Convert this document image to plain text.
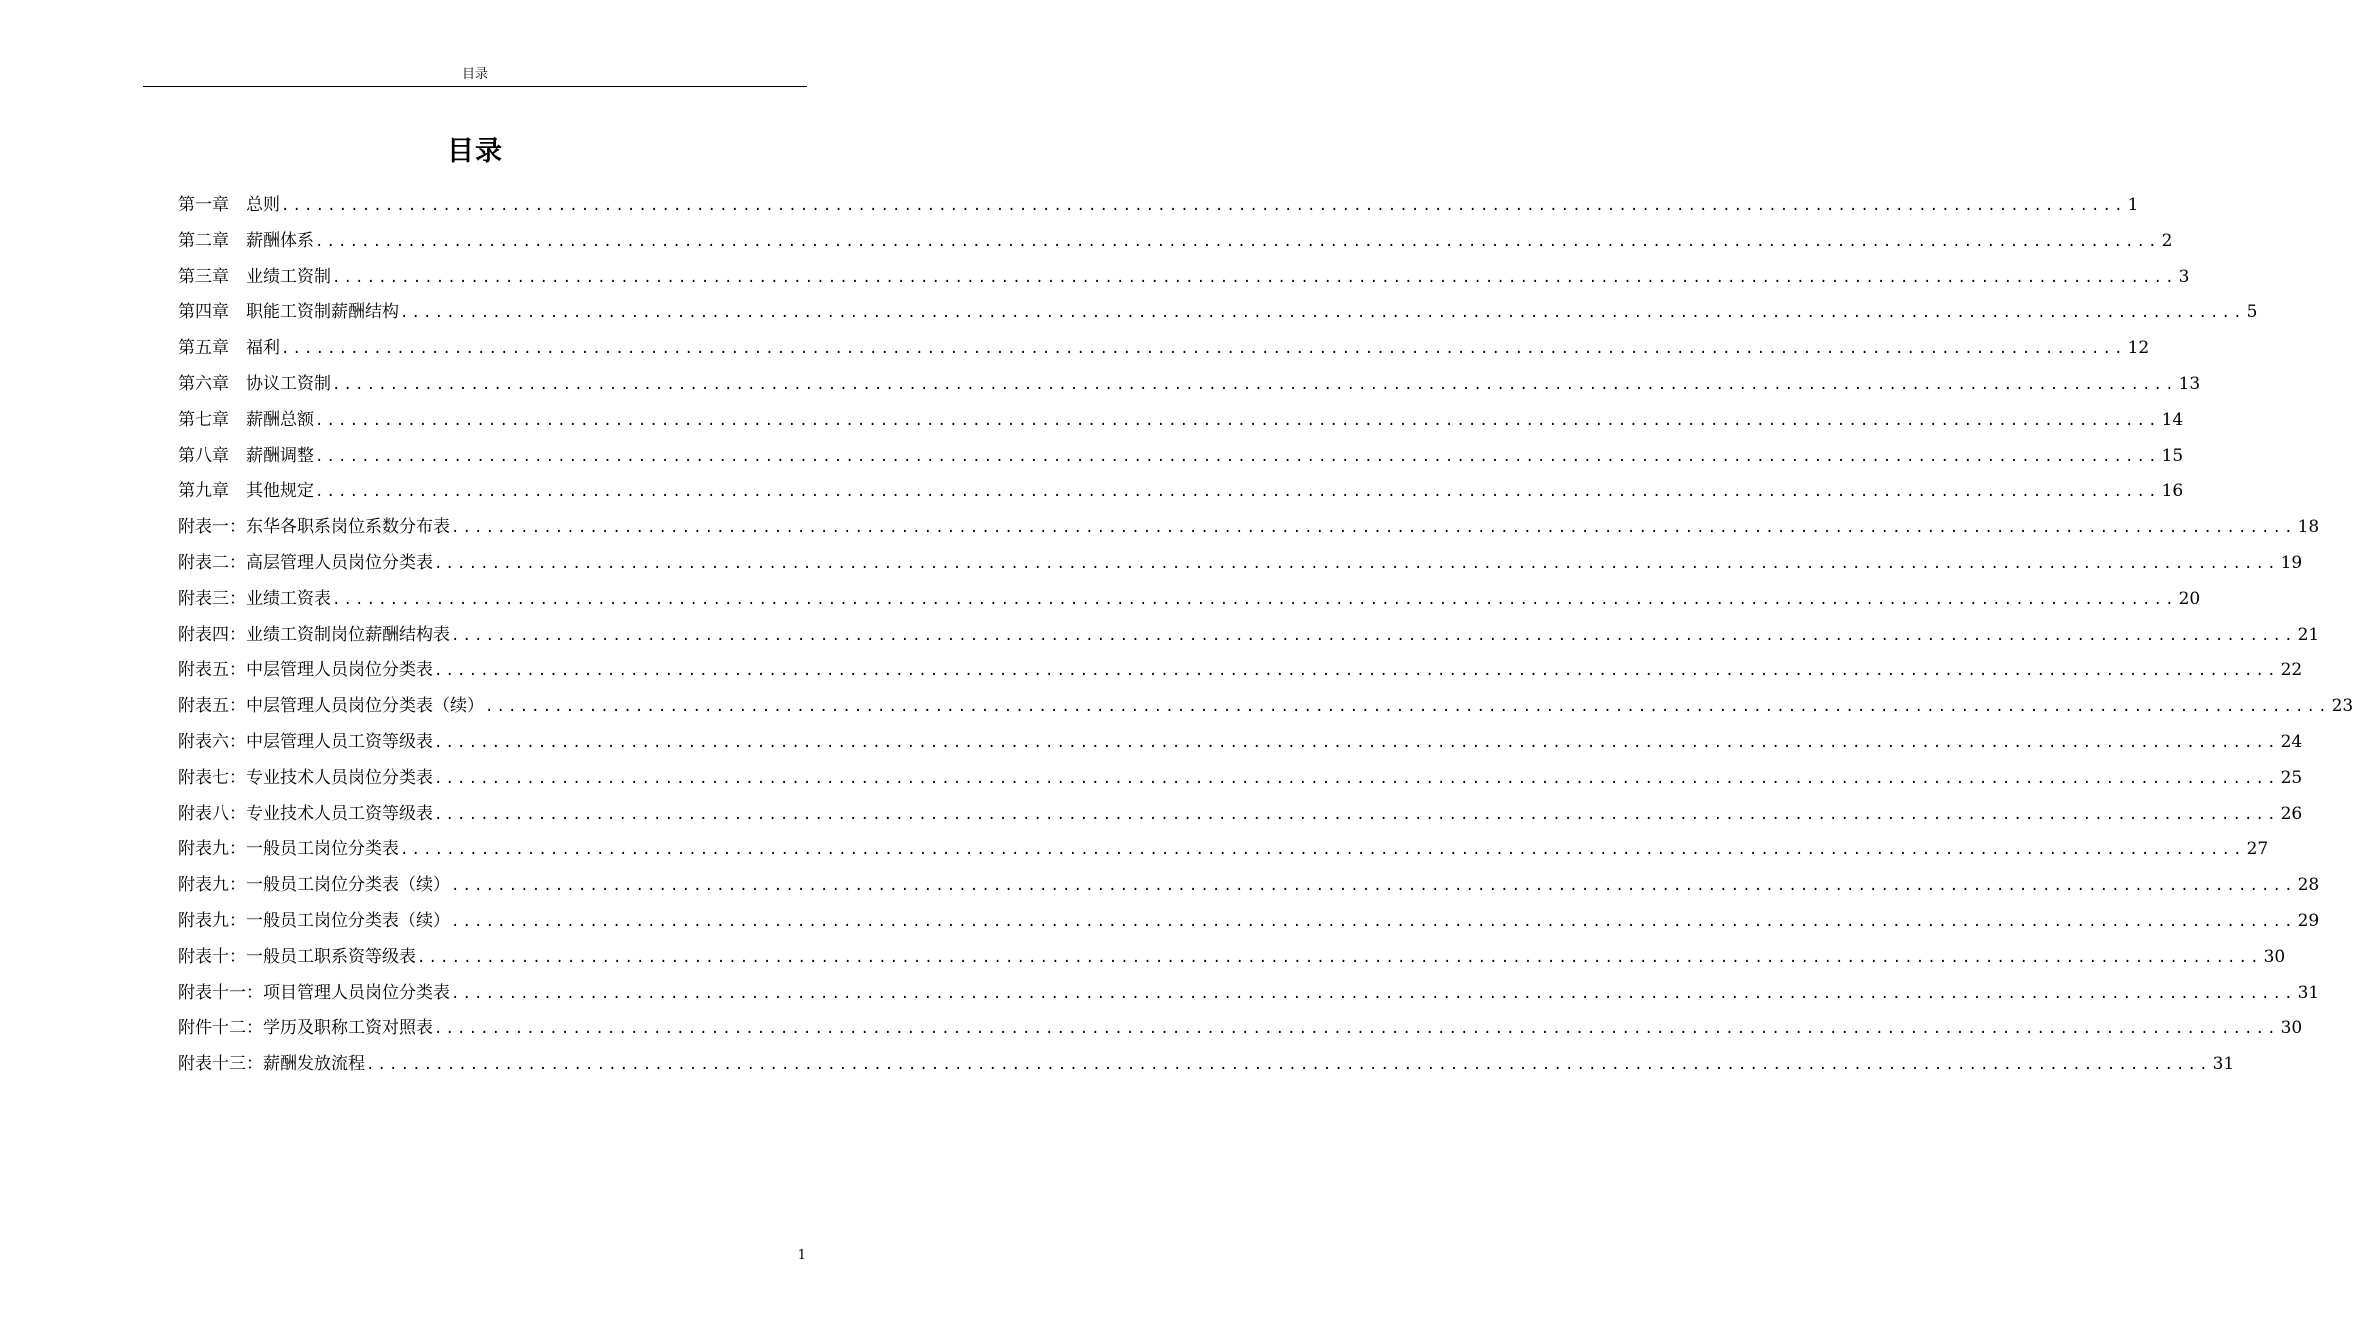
目录
目录
第一章　总则 ................................................................................................................................................................ 1
第二章　薪酬体系 ................................................................................................................................................................ 2
第三章　业绩工资制 ................................................................................................................................................................ 3
第四章　职能工资制薪酬结构 ................................................................................................................................................................ 5
第五章　福利 ................................................................................................................................................................ 12
第六章　协议工资制 ................................................................................................................................................................ 13
第七章　薪酬总额 ................................................................................................................................................................ 14
第八章　薪酬调整 ................................................................................................................................................................ 15
第九章　其他规定 ................................................................................................................................................................ 16
附表一：东华各职系岗位系数分布表 ................................................................................................................................................................ 18
附表二：高层管理人员岗位分类表 ................................................................................................................................................................ 19
附表三：业绩工资表 ................................................................................................................................................................ 20
附表四：业绩工资制岗位薪酬结构表 ................................................................................................................................................................ 21
附表五：中层管理人员岗位分类表 ................................................................................................................................................................ 22
附表五：中层管理人员岗位分类表（续） ................................................................................................................................................................ 23
附表六：中层管理人员工资等级表 ................................................................................................................................................................ 24
附表七：专业技术人员岗位分类表 ................................................................................................................................................................ 25
附表八：专业技术人员工资等级表 ................................................................................................................................................................ 26
附表九：一般员工岗位分类表 ................................................................................................................................................................ 27
附表九：一般员工岗位分类表（续） ................................................................................................................................................................ 28
附表九：一般员工岗位分类表（续） ................................................................................................................................................................ 29
附表十：一般员工职系资等级表 ................................................................................................................................................................ 30
附表十一：项目管理人员岗位分类表 ................................................................................................................................................................ 31
附件十二：学历及职称工资对照表 ................................................................................................................................................................ 30
附表十三：薪酬发放流程 ................................................................................................................................................................ 31
1
